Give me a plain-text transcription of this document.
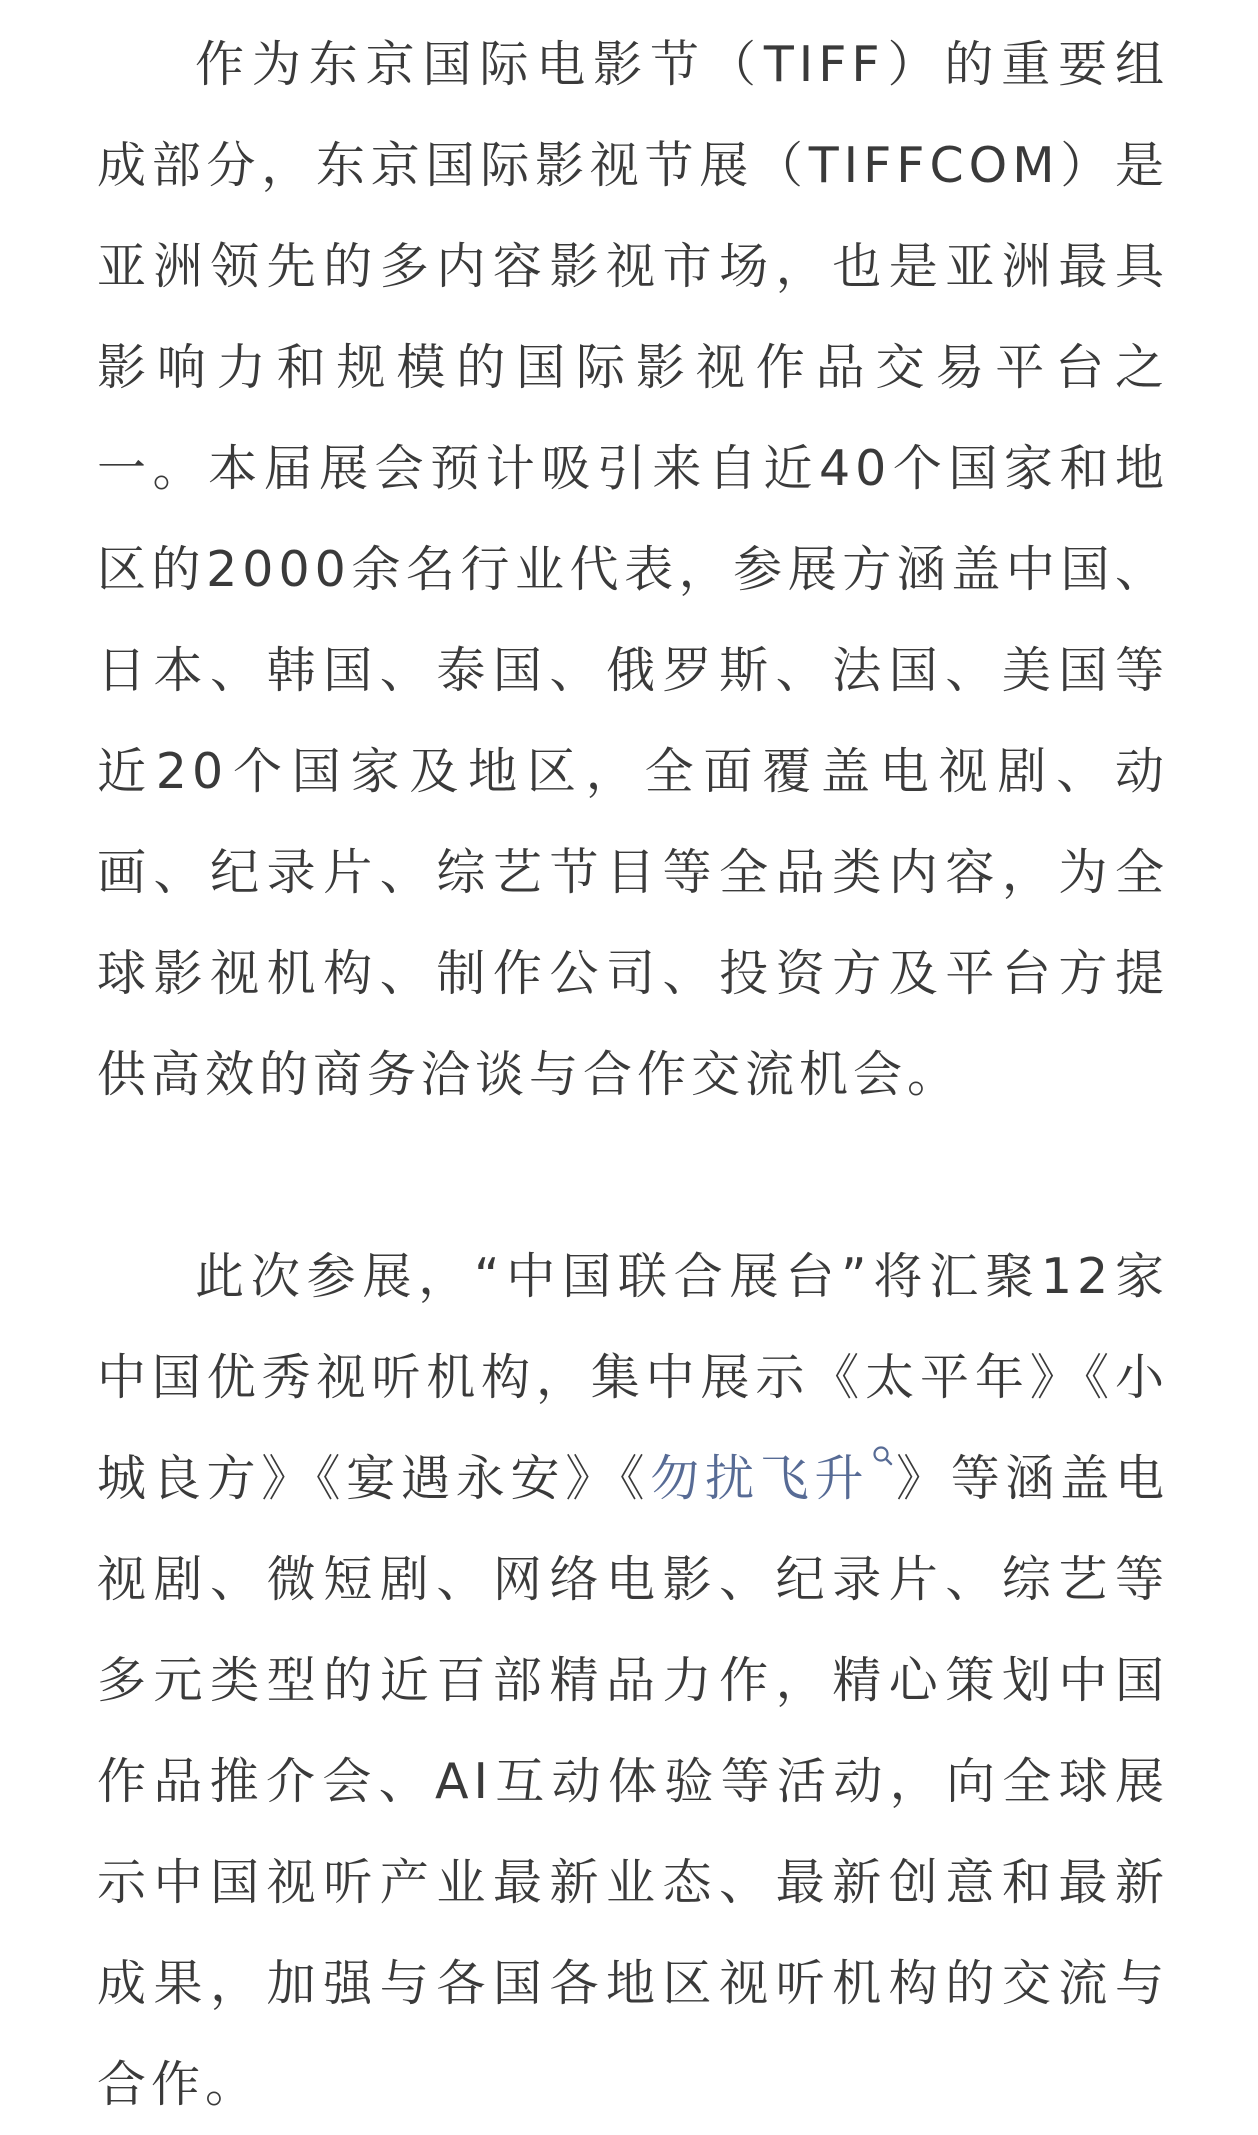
作为东京国际电影节（TIFF）的重要组成部分，东京国际影视节展（TIFFCOM）是亚洲领先的多内容影视市场，也是亚洲最具影响力和规模的国际影视作品交易平台之一。本届展会预计吸引来自近40个国家和地区的2000余名行业代表，参展方涵盖中国、日本、韩国、泰国、俄罗斯、法国、美国等近20个国家及地区，全面覆盖电视剧、动画、纪录片、综艺节目等全品类内容，为全球影视机构、制作公司、投资方及平台方提供高效的商务洽谈与合作交流机会。

此次参展，“中国联合展台”将汇聚12家中国优秀视听机构，集中展示《太平年》《小城良方》《宴遇永安》《勿扰飞升 》等涵盖电视剧、微短剧、网络电影、纪录片、综艺等多元类型的近百部精品力作，精心策划中国作品推介会、AI互动体验等活动，向全球展示中国视听产业最新业态、最新创意和最新成果，加强与各国各地区视听机构的交流与合作。
